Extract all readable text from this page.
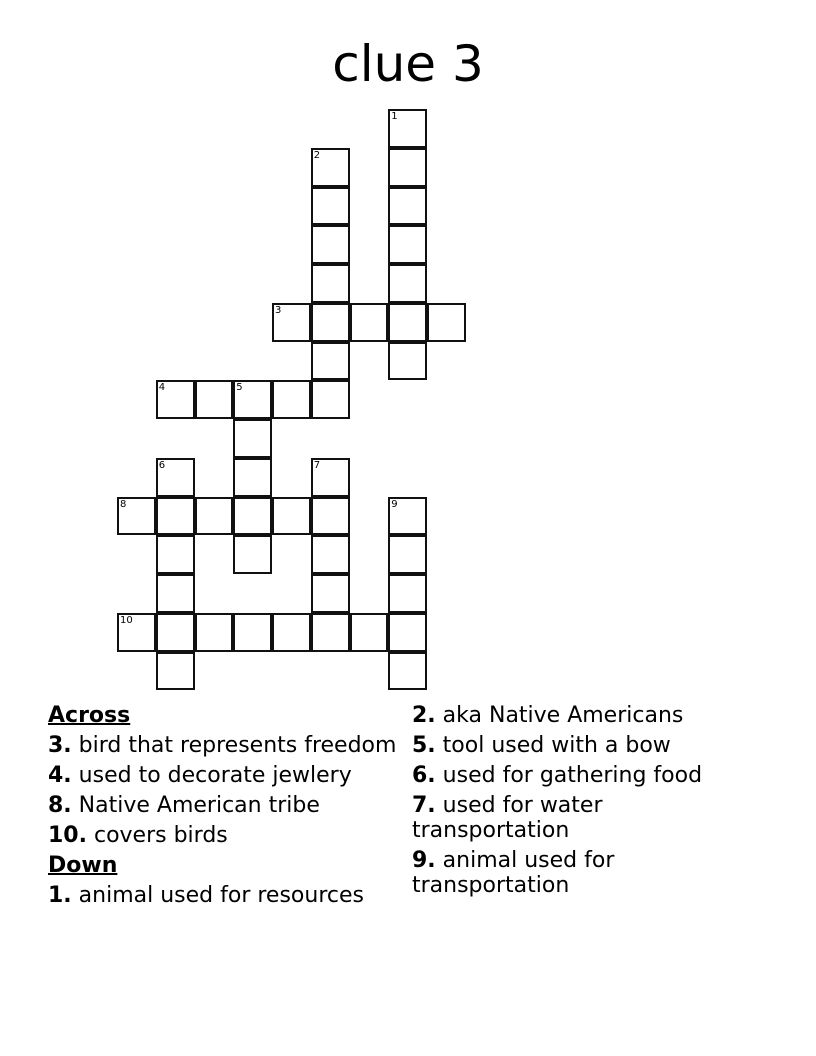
clue 3
1
2
3
4	5
6	7
8	9
10
Across
3. bird that represents freedom
4. used to decorate jewlery
8. Native American tribe
10. covers birds
Down
1. animal used for resources
2. aka Native Americans
5. tool used with a bow
6. used for gathering food
7. used for water transportation
9. animal used for transportation
